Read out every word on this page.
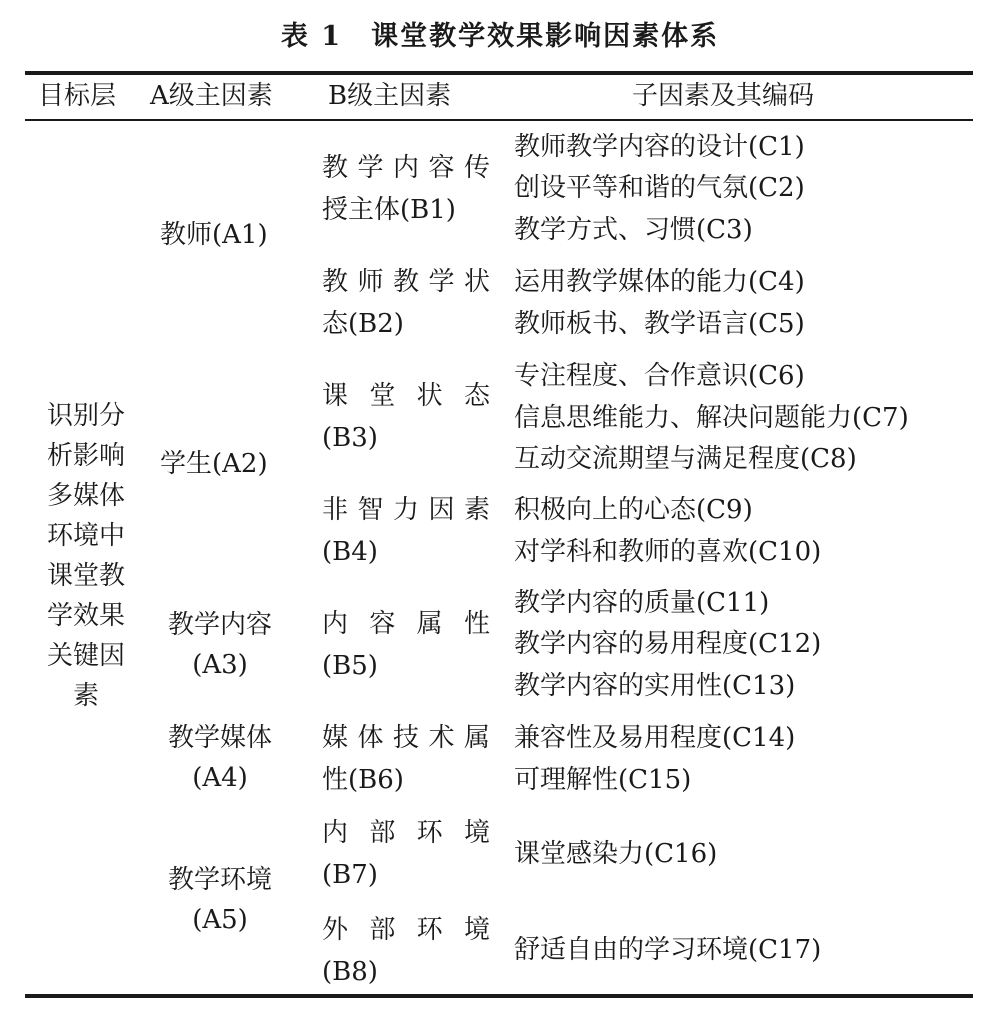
表 1　课堂教学效果影响因素体系
目标层 A级主因素 B级主因素	子因素及其编码
识别分
析影响
多媒体
环境中
课堂教
学效果
关键因
素
教师(A1)
学生(A2)
教学内容
(A3)
教学媒体
(A4)
教学环境
(A5)
教学内容传
授主体(B1)
教师教学状
态(B2)
课堂状态
(B3)
非智力因素
(B4)
内容属性
(B5)
媒体技术属
性(B6)
内部环境
(B7)
外部环境
(B8)
教师教学内容的设计(C1)
创设平等和谐的气氛(C2)
教学方式、习惯(C3)
运用教学媒体的能力(C4)
教师板书、教学语言(C5)
专注程度、合作意识(C6)
信息思维能力、解决问题能力(C7)
互动交流期望与满足程度(C8)
积极向上的心态(C9)
对学科和教师的喜欢(C10)
教学内容的质量(C11)
教学内容的易用程度(C12)
教学内容的实用性(C13)
兼容性及易用程度(C14)
可理解性(C15)
课堂感染力(C16)
舒适自由的学习环境(C17)
